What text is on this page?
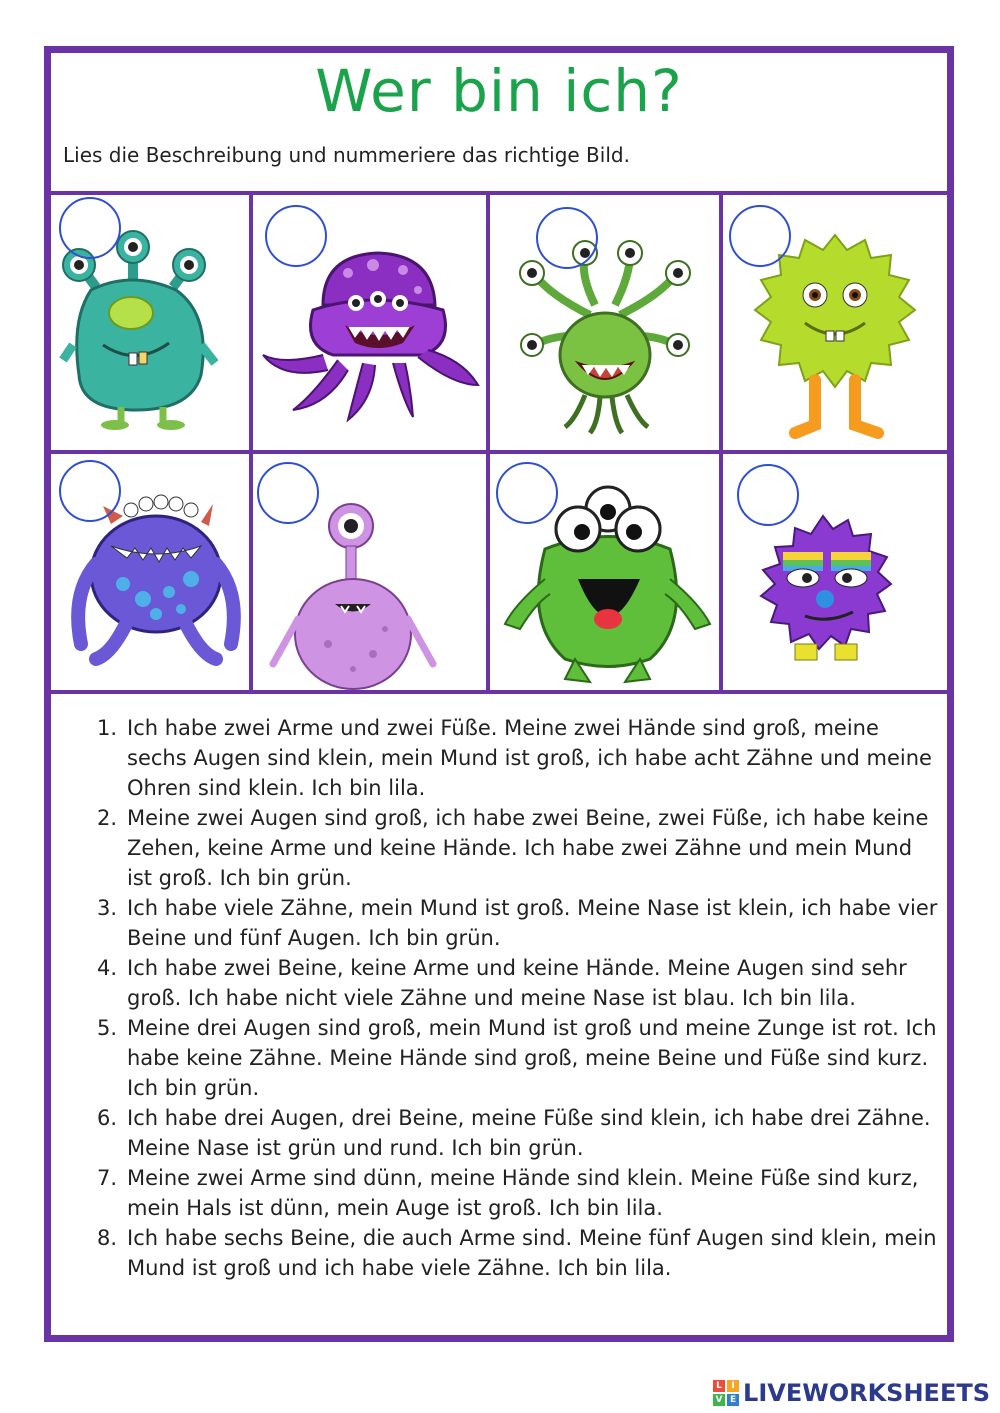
Wer bin ich?
Lies die Beschreibung und nummeriere das richtige Bild.
1. Ich habe zwei Arme und zwei Füße. Meine zwei Hände sind groß, meine sechs Augen sind klein, mein Mund ist groß, ich habe acht Zähne und meine Ohren sind klein. Ich bin lila.
2. Meine zwei Augen sind groß, ich habe zwei Beine, zwei Füße, ich habe keine Zehen, keine Arme und keine Hände. Ich habe zwei Zähne und mein Mund ist groß. Ich bin grün.
3. Ich habe viele Zähne, mein Mund ist groß. Meine Nase ist klein, ich habe vier Beine und fünf Augen. Ich bin grün.
4. Ich habe zwei Beine, keine Arme und keine Hände. Meine Augen sind sehr groß. Ich habe nicht viele Zähne und meine Nase ist blau. Ich bin lila.
5. Meine drei Augen sind groß, mein Mund ist groß und meine Zunge ist rot. Ich habe keine Zähne. Meine Hände sind groß, meine Beine und Füße sind kurz. Ich bin grün.
6. Ich habe drei Augen, drei Beine, meine Füße sind klein, ich habe drei Zähne. Meine Nase ist grün und rund. Ich bin grün.
7. Meine zwei Arme sind dünn, meine Hände sind klein. Meine Füße sind kurz, mein Hals ist dünn, mein Auge ist groß. Ich bin lila.
8. Ich habe sechs Beine, die auch Arme sind. Meine fünf Augen sind klein, mein Mund ist groß und ich habe viele Zähne. Ich bin lila.
L	I
V E LIVEWORKSHEETS
